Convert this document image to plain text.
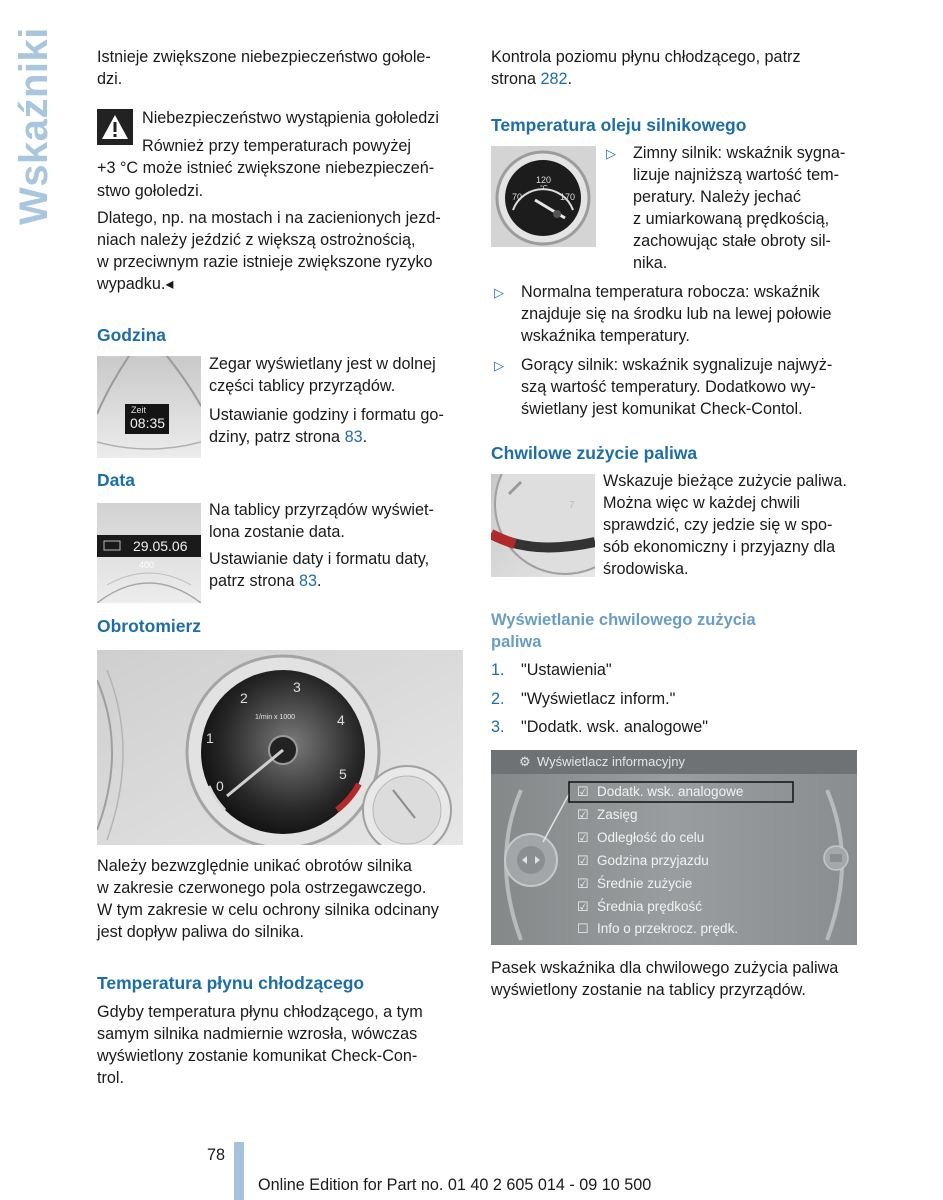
Wskaźniki	Istnieje zwiększone niebezpieczeństwo gołole-
dzi.
Niebezpieczeństwo wystąpienia gołoledzi
Również przy temperaturach powyżej
+3 °C może istnieć zwiększone niebezpieczeń-
stwo gołoledzi.
Dlatego, np. na mostach i na zacienionych jezd-
niach należy jeździć z większą ostrożnością,
w przeciwnym razie istnieje zwiększone ryzyko
wypadku.◂
Godzina
Zeit
08:35
Zegar wyświetlany jest w dolnej
części tablicy przyrządów.
Ustawianie godziny i formatu go-
dziny, patrz strona 83.
Data
29.05.06
400
Na tablicy przyrządów wyświet-
lona zostanie data.
Ustawianie daty i formatu daty,
patrz strona 83.
Obrotomierz
0
1
2
3
4
5
1/min x 1000
Należy bezwzględnie unikać obrotów silnika
w zakresie czerwonego pola ostrzegawczego.
W tym zakresie w celu ochrony silnika odcinany
jest dopływ paliwa do silnika.
Temperatura płynu chłodzącego
Gdyby temperatura płynu chłodzącego, a tym
samym silnika nadmiernie wzrosła, wówczas
wyświetlony zostanie komunikat Check-Con-
trol.
Kontrola poziomu płynu chłodzącego, patrz
strona 282.
Temperatura oleju silnikowego
120
°C
70	170
▷ Zimny silnik: wskaźnik sygna-
lizuje najniższą wartość tem-
peratury. Należy jechać
z umiarkowaną prędkością,
zachowując stałe obroty sil-
nika.
▷ Normalna temperatura robocza: wskaźnik
znajduje się na środku lub na lewej połowie
wskaźnika temperatury.
▷ Gorący silnik: wskaźnik sygnalizuje najwyż-
szą wartość temperatury. Dodatkowo wy-
świetlany jest komunikat Check-Contol.
Chwilowe zużycie paliwa
7
Wskazuje bieżące zużycie paliwa.
Można więc w każdej chwili
sprawdzić, czy jedzie się w spo-
sób ekonomiczny i przyjazny dla
środowiska.
Wyświetlanie chwilowego zużycia
paliwa
1. "Ustawienia"
2. "Wyświetlacz inform."
3. "Dodatk. wsk. analogowe"
Wyświetlacz informacyjny
⚙
☑ Dodatk. wsk. analogowe
☑ Zasięg
☑ Odległość do celu
☑ Godzina przyjazdu
☑ Średnie zużycie
☑ Średnia prędkość
☐ Info o przekrocz. prędk.
Pasek wskaźnika dla chwilowego zużycia paliwa
wyświetlony zostanie na tablicy przyrządów.
78
Online Edition for Part no. 01 40 2 605 014 - 09 10 500
